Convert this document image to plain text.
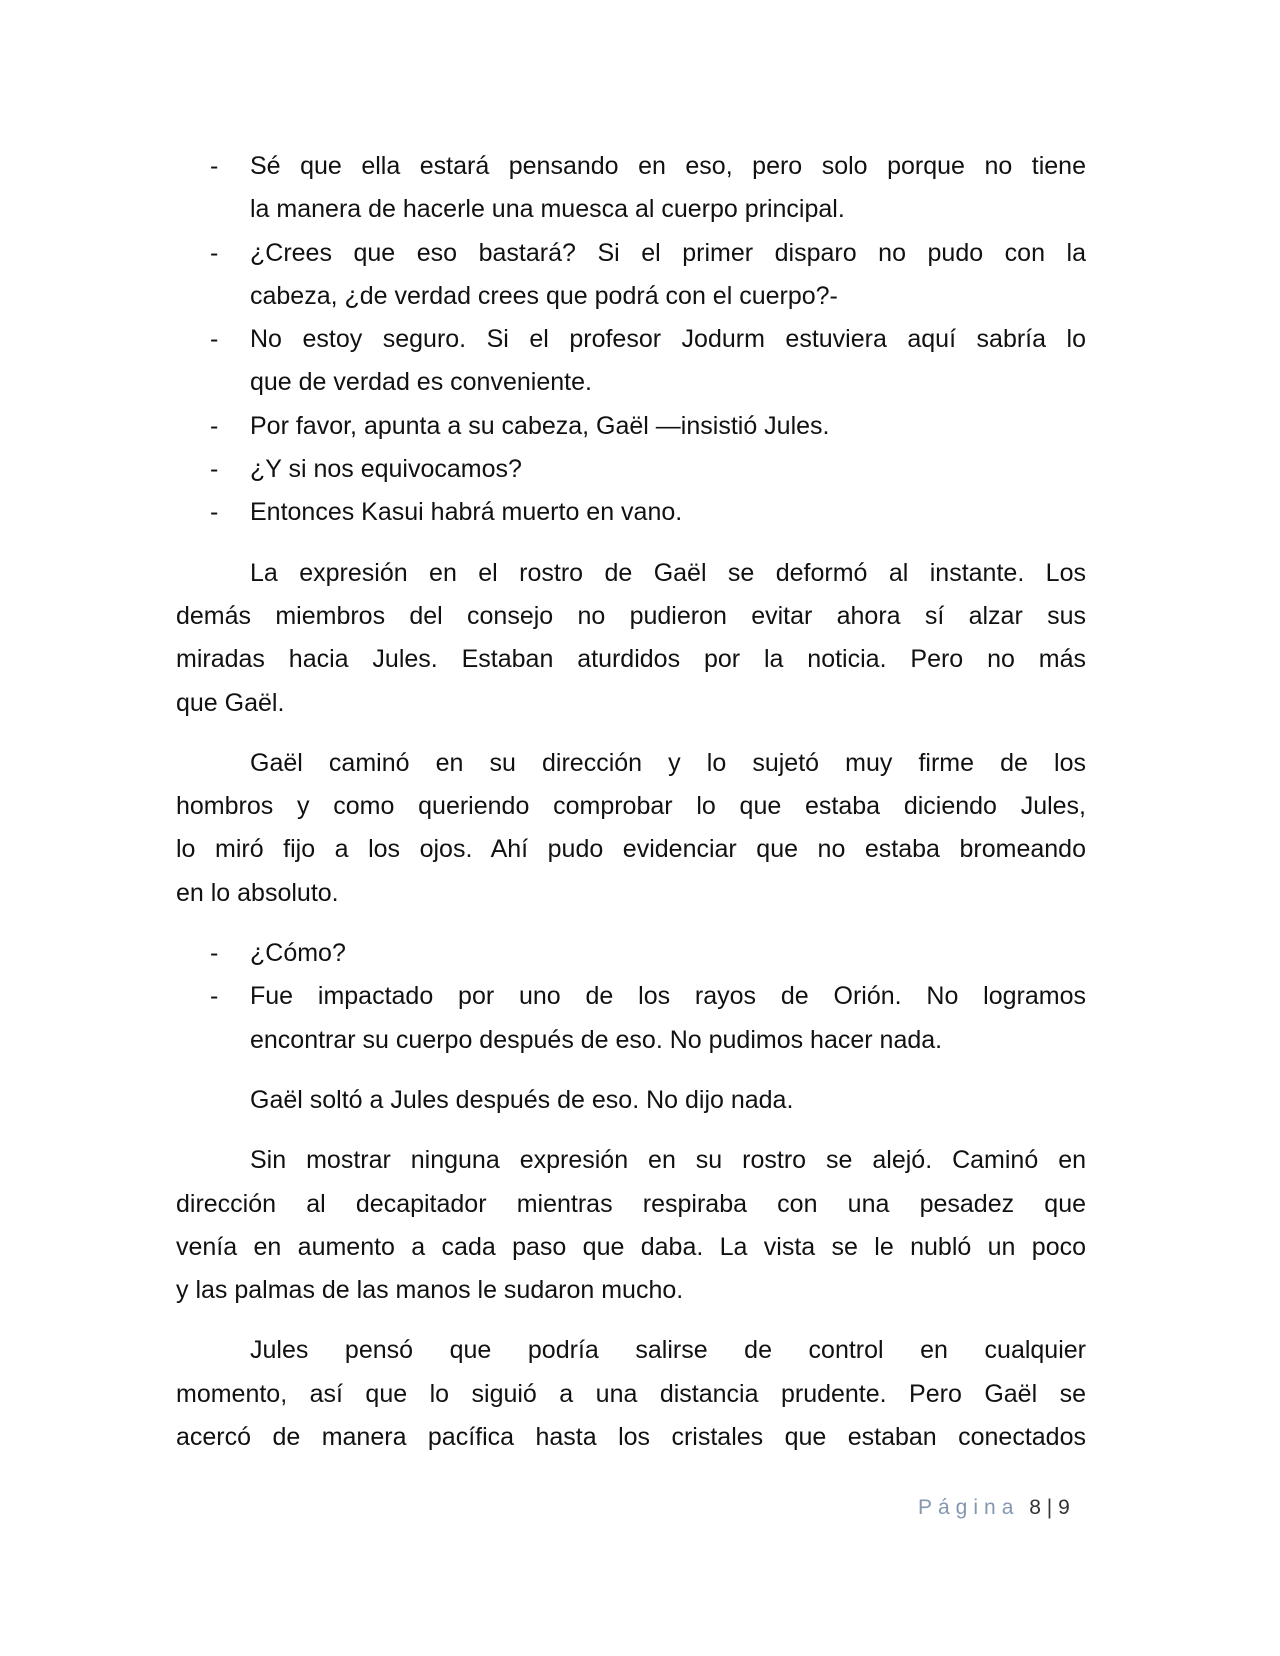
- Sé que ella estará pensando en eso, pero solo porque no tiene
la manera de hacerle una muesca al cuerpo principal.
- ¿Crees que eso bastará? Si el primer disparo no pudo con la
cabeza, ¿de verdad crees que podrá con el cuerpo?-
- No estoy seguro. Si el profesor Jodurm estuviera aquí sabría lo
que de verdad es conveniente.
- Por favor, apunta a su cabeza, Gaël —insistió Jules.
- ¿Y si nos equivocamos?
- Entonces Kasui habrá muerto en vano.
La expresión en el rostro de Gaël se deformó al instante. Los
demás miembros del consejo no pudieron evitar ahora sí alzar sus
miradas hacia Jules. Estaban aturdidos por la noticia. Pero no más
que Gaël.
Gaël caminó en su dirección y lo sujetó muy firme de los
hombros y como queriendo comprobar lo que estaba diciendo Jules,
lo miró fijo a los ojos. Ahí pudo evidenciar que no estaba bromeando
en lo absoluto.
- ¿Cómo?
- Fue impactado por uno de los rayos de Orión. No logramos
encontrar su cuerpo después de eso. No pudimos hacer nada.
Gaël soltó a Jules después de eso. No dijo nada.
Sin mostrar ninguna expresión en su rostro se alejó. Caminó en
dirección al decapitador mientras respiraba con una pesadez que
venía en aumento a cada paso que daba. La vista se le nubló un poco
y las palmas de las manos le sudaron mucho.
Jules pensó que podría salirse de control en cualquier
momento, así que lo siguió a una distancia prudente. Pero Gaël se
acercó de manera pacífica hasta los cristales que estaban conectados
Página 8 | 9
